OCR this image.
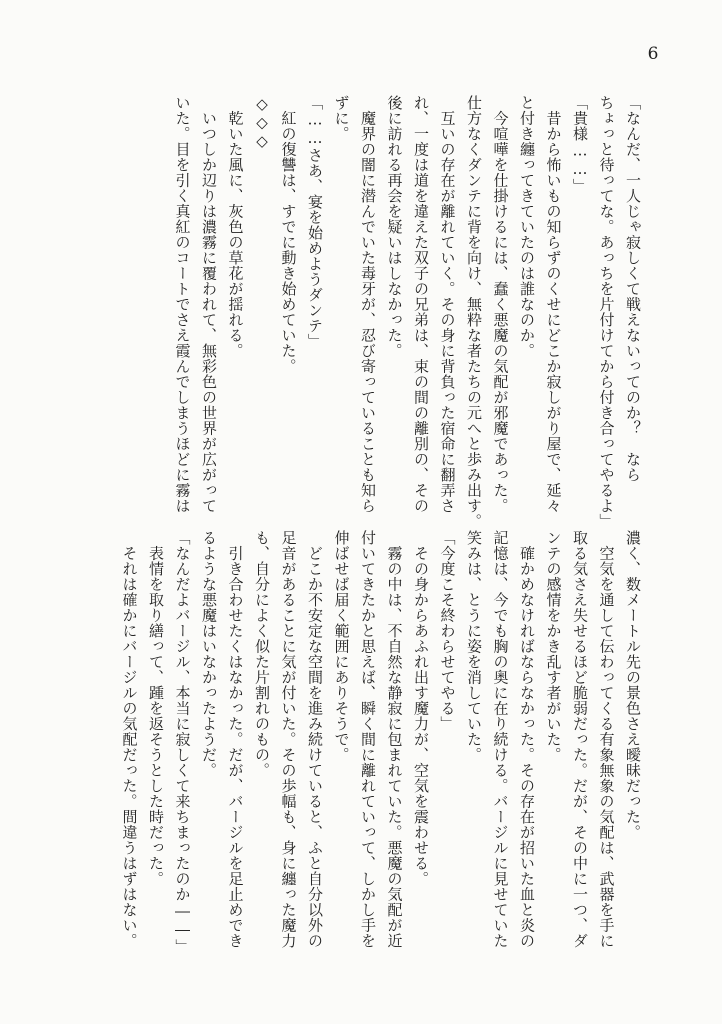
6
「なんだ、一人じゃ寂しくて戦えないってのか？　なら
ちょっと待ってな。あっちを片付けてから付き合ってやるよ」
「貴様……」
　昔から怖いもの知らずのくせにどこか寂しがり屋で、延々
と付き纏ってきていたのは誰なのか。
　今喧嘩を仕掛けるには、蠢く悪魔の気配が邪魔であった。
仕方なくダンテに背を向け、無粋な者たちの元へと歩み出す。
　互いの存在が離れていく。その身に背負った宿命に翻弄さ
れ、一度は道を違えた双子の兄弟は、束の間の離別の、その
後に訪れる再会を疑いはしなかった。
　魔界の闇に潜んでいた毒牙が、忍び寄っていることも知ら
ずに。
「……さあ、宴を始めようダンテ」
　紅の復讐は、すでに動き始めていた。
◇◇◇
　乾いた風に、灰色の草花が揺れる。
　いつしか辺りは濃霧に覆われて、無彩色の世界が広がって
いた。目を引く真紅のコートでさえ霞んでしまうほどに霧は
濃く、数メートル先の景色さえ曖昧だった。
　空気を通して伝わってくる有象無象の気配は、武器を手に
取る気さえ失せるほど脆弱だった。だが、その中に一つ、ダ
ンテの感情をかき乱す者がいた。
　確かめなければならなかった。その存在が招いた血と炎の
記憶は、今でも胸の奥に在り続ける。バージルに見せていた
笑みは、とうに姿を消していた。
「今度こそ終わらせてやる」
　その身からあふれ出す魔力が、空気を震わせる。
　霧の中は、不自然な静寂に包まれていた。悪魔の気配が近
付いてきたかと思えば、瞬く間に離れていって、しかし手を
伸ばせば届く範囲にありそうで。
　どこか不安定な空間を進み続けていると、ふと自分以外の
足音があることに気が付いた。その歩幅も、身に纏った魔力
も、自分によく似た片割れのもの。
　引き合わせたくはなかった。だが、バージルを足止めでき
るような悪魔はいなかったようだ。
「なんだよバージル、本当に寂しくて来ちまったのか――」
　表情を取り繕って、踵を返そうとした時だった。
　それは確かにバージルの気配だった。間違うはずはない。
